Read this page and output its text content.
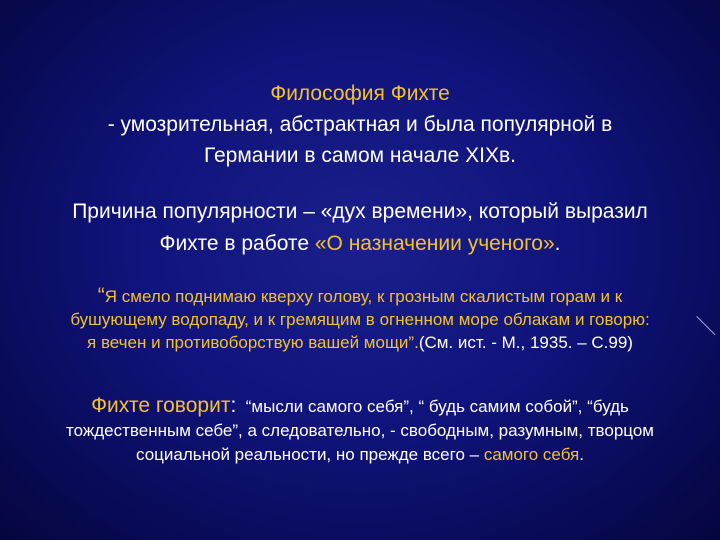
Философия Фихте
- умозрительная, абстрактная и была популярной в
Германии в самом начале XIXв.
Причина популярности – «дух времени», который выразил
Фихте в работе «О назначении ученого».
“Я смело поднимаю кверху голову, к грозным скалистым горам и к
бушующему водопаду, и к гремящим в огненном море облакам и говорю:
я вечен и противоборствую вашей мощи”.(См. ист. - М., 1935. – С.99)
Фихте говорит: “мысли самого себя”, “ будь самим собой”, “будь
тождественным себе”, а следовательно, - свободным, разумным, творцом
социальной реальности, но прежде всего – самого себя.
